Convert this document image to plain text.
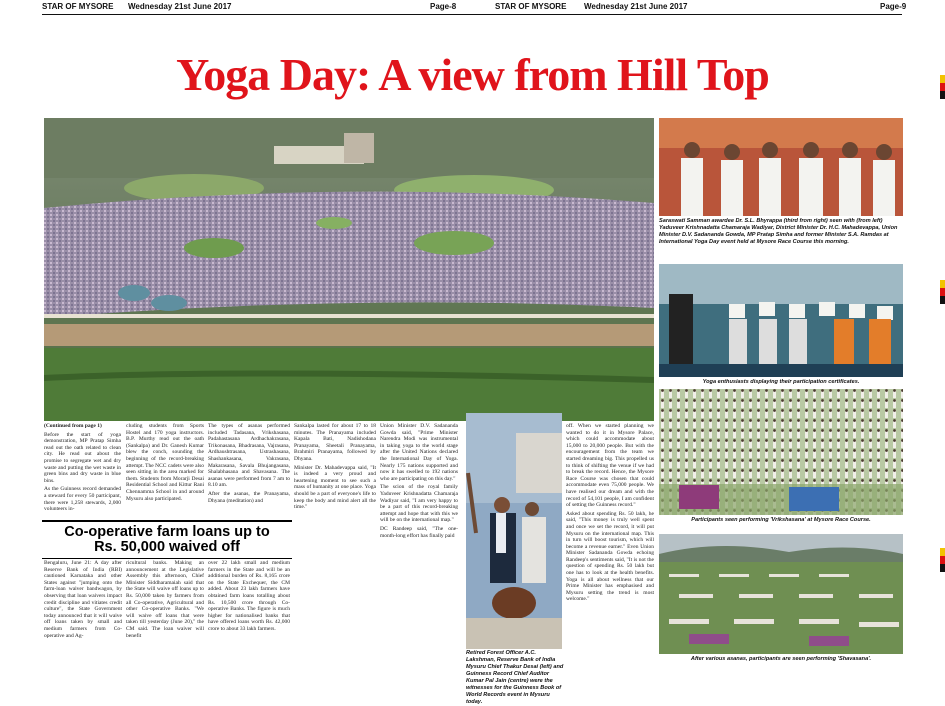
STAR OF MYSORE Wednesday 21st June 2017	Page-8	STAR OF MYSORE Wednesday 21st June 2017	Page-9
Yoga Day: A view from Hill Top

(Continued from page 1)

Before the start of yoga demonstration, MP Pratap Simha read out the oath related to clean city. He read out about the promise to segregate wet and dry waste and putting the wet waste in green bins and dry waste in blue bins.

As the Guinness record demanded a steward for every 50 participant, there were 1,258 stewards, 2,000 volunteers in-

cluding students from Sports Hostel and 170 yoga instructors. B.P. Murthy read out the oath (Sankalpa) and Dr. Ganesh Kumar blew the conch, sounding the beginning of the record-breaking attempt. The NCC cadets were also seen sitting in the area marked for them. Students from Morarji Desai Residential School and Kittur Rani Chennamma School in and around Mysuru also participated.

The types of asanas performed included Tadasana, Vrikshasana, Padahastasana Ardhachakrasana, Trikonasana, Bhadrasana, Vajrasana, Ardhaushtrasana, Ustrashasana, Shashankasana, Vakrasana, Makarasana, Savala Bhujangasana, Shalabhasana and Shavasana. The asanas were performed from 7 am to 8.10 am.

After the asanas, the Pranayama, Dhyana (meditation) and

Sankalpa lasted for about 17 to 18 minutes. The Pranayama included Kapala Bati, Nadishodana Pranayama, Sheetali Pranayama, Brahmiri Pranayama, followed by Dhyana.

Minister Dr. Mahadevappa said, "It is indeed a very proud and heartening moment to see such a mass of humanity at one place. Yoga should be a part of everyone's life to keep the body and mind alert all the time."

Union Minister D.V. Sadananda Gowda said, "Prime Minister Narendra Modi was instrumental in taking yoga to the world stage after the United Nations declared the International Day of Yoga. Nearly 175 nations supported and now it has swelled to 192 nations who are participating on this day."

The scion of the royal family Yaduveer Krishnadatta Chamaraja Wadiyar said, "I am very happy to be a part of this record-breaking attempt and hope that with this we will be on the international map."

DC Randeep said, "The one-month-long effort has finally paid

off. When we started planning we wanted to do it in Mysore Palace, which could accommodate about 15,000 to 20,000 people. But with the encouragement from the team we started dreaming big. This propelled us to think of shifting the venue if we had to break the record. Hence, the Mysore Race Course was chosen that could accommodate even 75,000 people. We have realised our dream and with the record of 54,101 people, I am confident of setting the Guinness record."

Asked about spending Rs. 50 lakh, he said, "This money is truly well spent and once we set the record, it will put Mysuru on the international map. This in turn will boost tourism, which will become a revenue earner." Even Union Minister Sadananda Gowda echoing Randeep's sentiments said, "It is not the question of spending Rs. 50 lakh but one has to look at the health benefits. Yoga is all about wellness that our Prime Minister has emphasised and Mysuru setting the trend is most welcome."

Co-operative farm loans up to
Rs. 50,000 waived off
Bengaluru, June 21: A day after Reserve Bank of India (RBI) cautioned Karnataka and other States against "jumping onto the farm-loan waiver bandwagon, by observing that loan waivers impact credit discipline and vitiates credit culture", the State Government today announced that it will waive off loans taken by small and medium farmers from Co-operative and Ag-
ricultural banks. Making an announcement at the Legislative Assembly this afternoon, Chief Minister Siddharamaiah said that the State will waive off loans up to Rs. 50,000 taken by farmers from all Co-operative, Agricultural and other Co-operative Banks. "We will waive off loans that were taken till yesterday (June 20)," the CM said. The loan waiver will benefit
over 22 lakh small and medium farmers in the State and will be an additional burden of Rs. 8,165 crore on the State Exchequer, the CM added. About 23 lakh farmers have obtained farm loans totalling about Rs. 10,500 crore through Co-operative Banks. The figure is much higher for nationalised banks that have offered loans worth Rs. 42,000 crore to about 33 lakh farmers.
Retired Forest Officer A.C. Lakshman, Reserve Bank of India Mysuru Chief Thakur Desai (left) and Guinness Record Chief Auditor Kumar Pal Jain (centre) were the witnesses for the Guinness Book of World Records event in Mysuru today.
Saraswati Samman awardee Dr. S.L. Bhyrappa (third from right) seen with (from left) Yaduveer Krishnadatta Chamaraja Wadiyar, District Minister Dr. H.C. Mahadevappa, Union Minister D.V. Sadananda Gowda, MP Pratap Simha and former Minister S.A. Ramdas at International Yoga Day event held at Mysore Race Course this morning.
Yoga enthusiasts displaying their participation certificates.
Participants seen performing 'Vrikshasana' at Mysore Race Course.
After various asanas, participants are seen performing 'Shavasana'.
